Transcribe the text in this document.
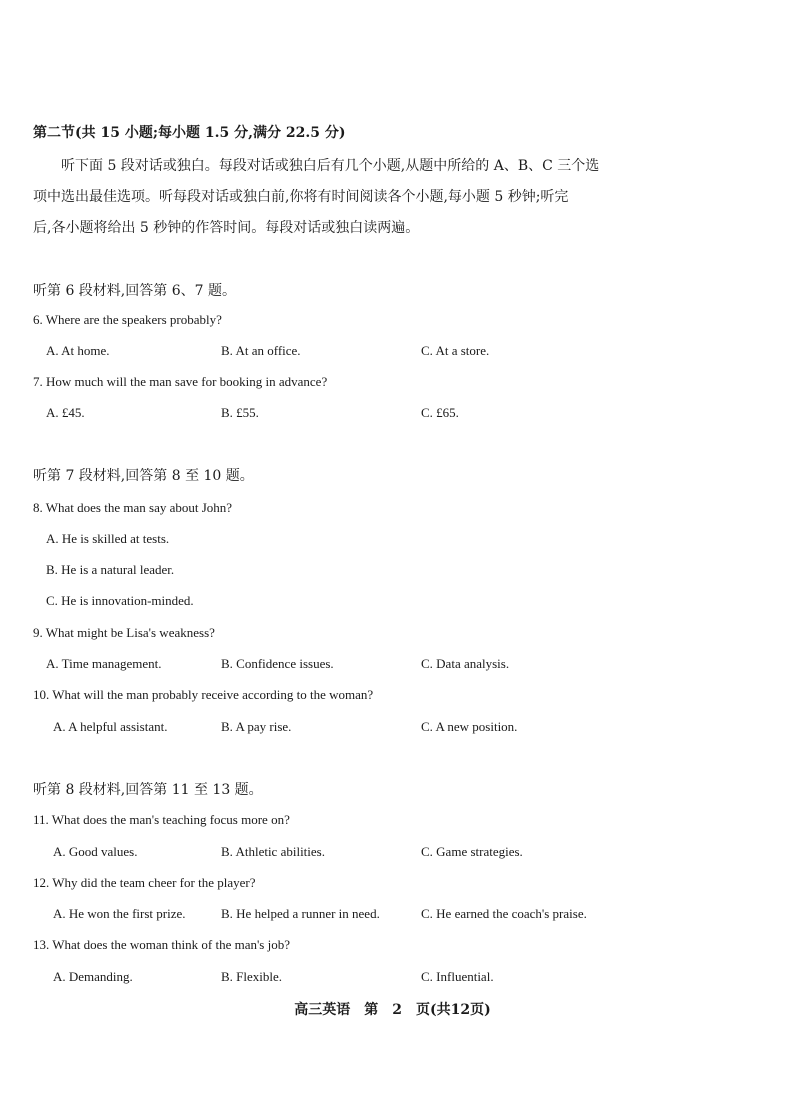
第二节(共 15 小题;每小题 1.5 分,满分 22.5 分)
听下面 5 段对话或独白。每段对话或独白后有几个小题,从题中所给的 A、B、C 三个选
项中选出最佳选项。听每段对话或独白前,你将有时间阅读各个小题,每小题 5 秒钟;听完
后,各小题将给出 5 秒钟的作答时间。每段对话或独白读两遍。
听第 6 段材料,回答第 6、7 题。
6. Where are the speakers probably?
A. At home.	B. At an office.	C. At a store.
7. How much will the man save for booking in advance?
A. £45.	B. £55.	C. £65.
听第 7 段材料,回答第 8 至 10 题。
8. What does the man say about John?
A. He is skilled at tests.
B. He is a natural leader.
C. He is innovation-minded.
9. What might be Lisa's weakness?
A. Time management.	B. Confidence issues.	C. Data analysis.
10. What will the man probably receive according to the woman?
A. A helpful assistant.	B. A pay rise.	C. A new position.
听第 8 段材料,回答第 11 至 13 题。
11. What does the man's teaching focus more on?
A. Good values.	B. Athletic abilities.	C. Game strategies.
12. Why did the team cheer for the player?
A. He won the first prize.	B. He helped a runner in need.	C. He earned the coach's praise.
13. What does the woman think of the man's job?
A. Demanding.	B. Flexible.	C. Influential.
高三英语　第　2　页(共12页)
